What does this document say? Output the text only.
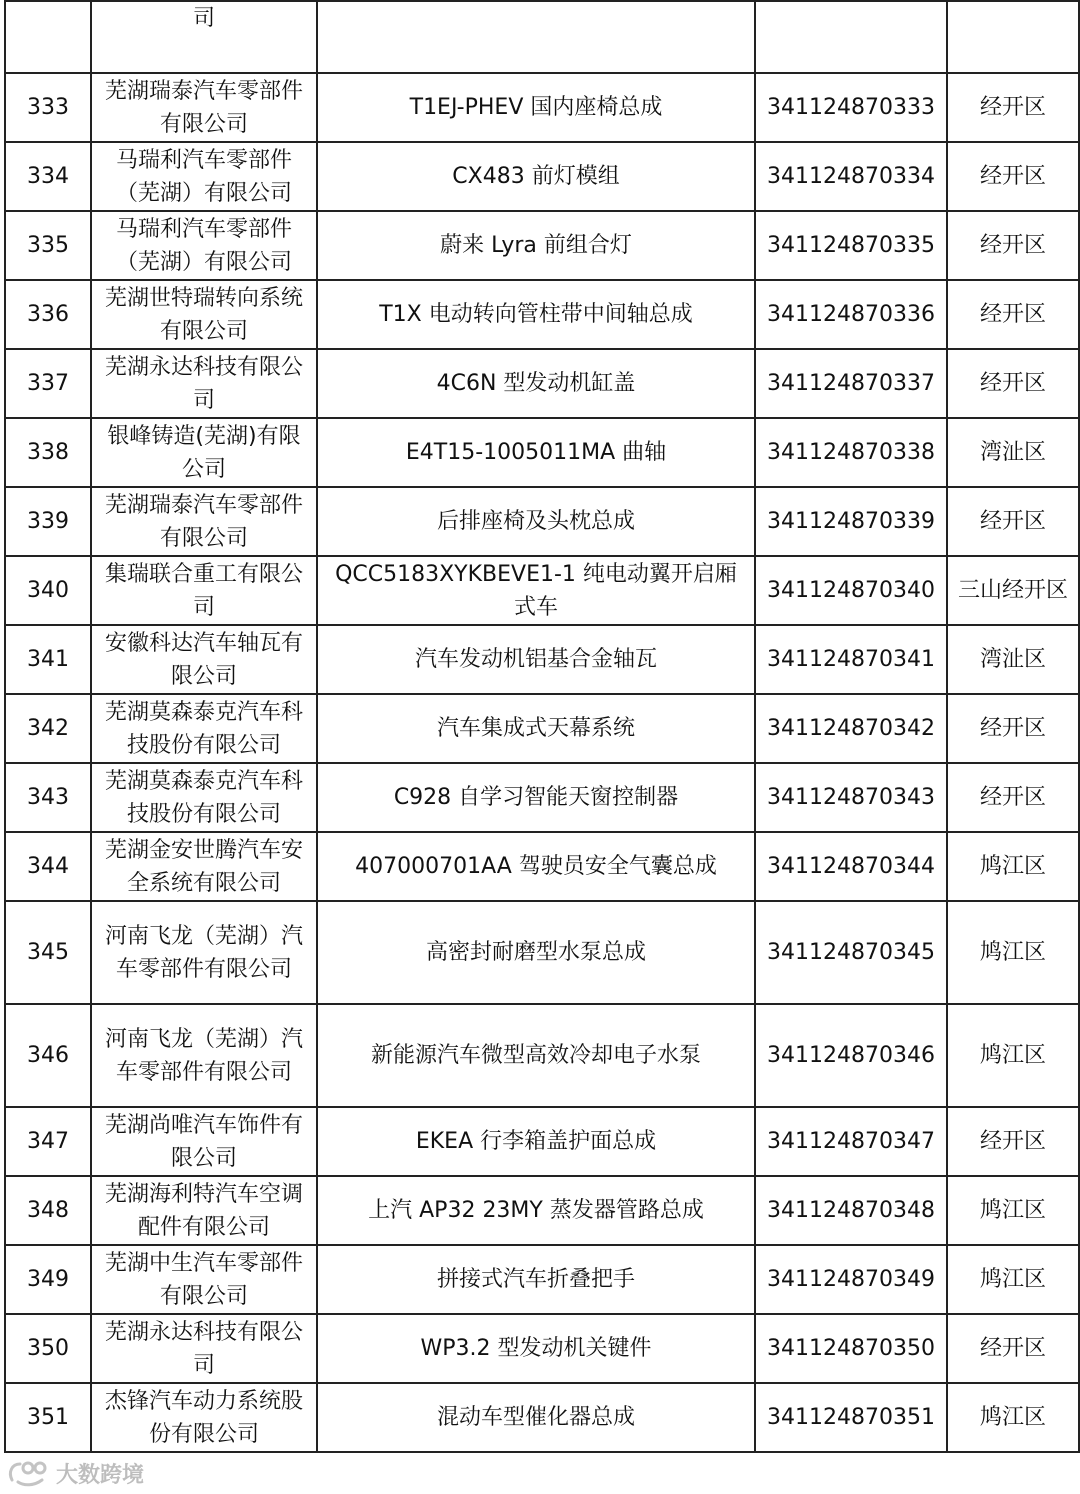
	司			
333	芜湖瑞泰汽车零部件有限公司	T1EJ-PHEV 国内座椅总成	341124870333	经开区
334	马瑞利汽车零部件（芜湖）有限公司	CX483 前灯模组	341124870334	经开区
335	马瑞利汽车零部件（芜湖）有限公司	蔚来 Lyra 前组合灯	341124870335	经开区
336	芜湖世特瑞转向系统有限公司	T1X 电动转向管柱带中间轴总成	341124870336	经开区
337	芜湖永达科技有限公司	4C6N 型发动机缸盖	341124870337	经开区
338	银峰铸造(芜湖)有限公司	E4T15-1005011MA 曲轴	341124870338	湾沚区
339	芜湖瑞泰汽车零部件有限公司	后排座椅及头枕总成	341124870339	经开区
340	集瑞联合重工有限公司	QCC5183XYKBEVE1-1 纯电动翼开启厢式车	341124870340	三山经开区
341	安徽科达汽车轴瓦有限公司	汽车发动机铝基合金轴瓦	341124870341	湾沚区
342	芜湖莫森泰克汽车科技股份有限公司	汽车集成式天幕系统	341124870342	经开区
343	芜湖莫森泰克汽车科技股份有限公司	C928 自学习智能天窗控制器	341124870343	经开区
344	芜湖金安世腾汽车安全系统有限公司	407000701AA 驾驶员安全气囊总成	341124870344	鸠江区
345	河南飞龙（芜湖）汽车零部件有限公司	高密封耐磨型水泵总成	341124870345	鸠江区
346	河南飞龙（芜湖）汽车零部件有限公司	新能源汽车微型高效冷却电子水泵	341124870346	鸠江区
347	芜湖尚唯汽车饰件有限公司	EKEA 行李箱盖护面总成	341124870347	经开区
348	芜湖海利特汽车空调配件有限公司	上汽 AP32 23MY 蒸发器管路总成	341124870348	鸠江区
349	芜湖中生汽车零部件有限公司	拼接式汽车折叠把手	341124870349	鸠江区
350	芜湖永达科技有限公司	WP3.2 型发动机关键件	341124870350	经开区
351	杰锋汽车动力系统股份有限公司	混动车型催化器总成	341124870351	鸠江区
大数跨境
